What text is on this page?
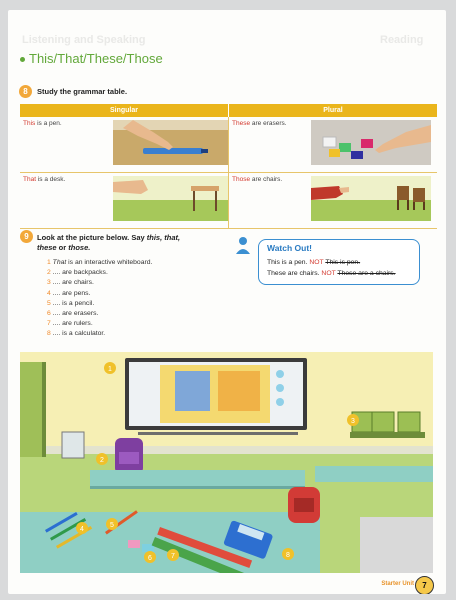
Listening and Speaking	Reading
This/That/These/Those
8	Study the grammar table.
Singular	Plural
This is a pen.	These are erasers.

That is a desk.	Those are chairs.
9	Look at the picture below. Say this, that,
these or those.
1 That is an interactive whiteboard.
2 .... are backpacks.
3 .... are chairs.
4 .... are pens.
5 .... is a pencil.
6 .... are erasers.
7 .... are rulers.
8 .... is a calculator.
Watch Out!
This is a pen. NOT This is pen.
These are chairs. NOT These are a chairs.
1
2
3
4
5
6	7	8
Starter Unit	7
